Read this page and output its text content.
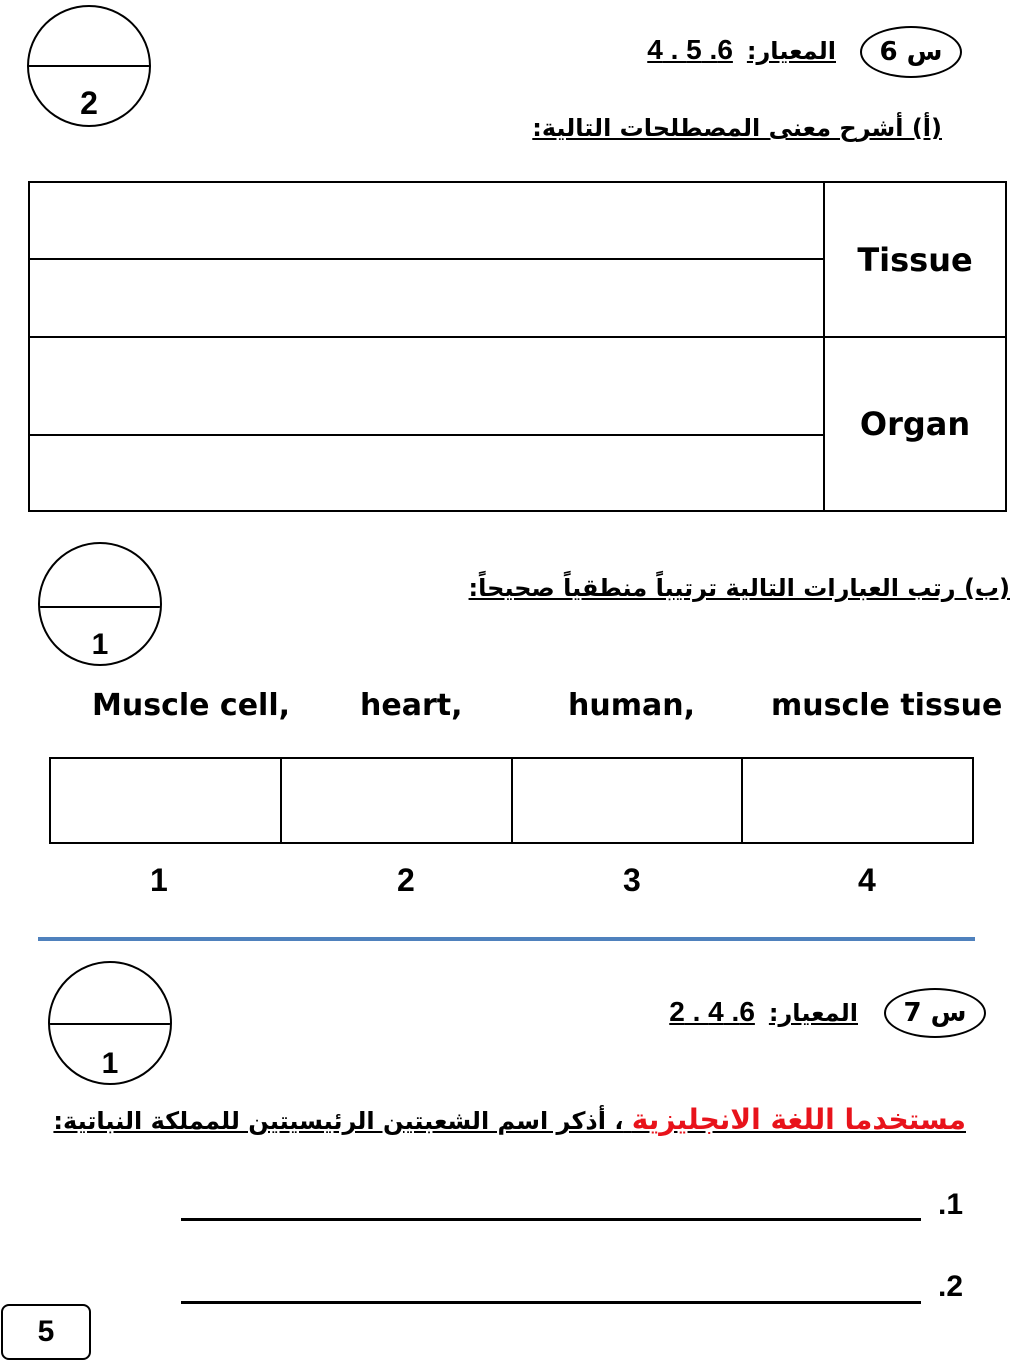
2
س 6
المعيار:6. 5 . 4
(أ) أشرح معنى المصطلحات التالية:
	Tissue

	Organ

1
(ب) رتب العبارات التالية ترتيباً منطقياً صحيحاً:
Muscle cell, heart,	human,	muscle tissue

1	2	3	4
1
س 7
المعيار:6. 4 . 2
مستخدما اللغة الانجليزية ، أذكر اسم الشعبتين الرئيسيتين للمملكة النباتية:
.1
.2
5
